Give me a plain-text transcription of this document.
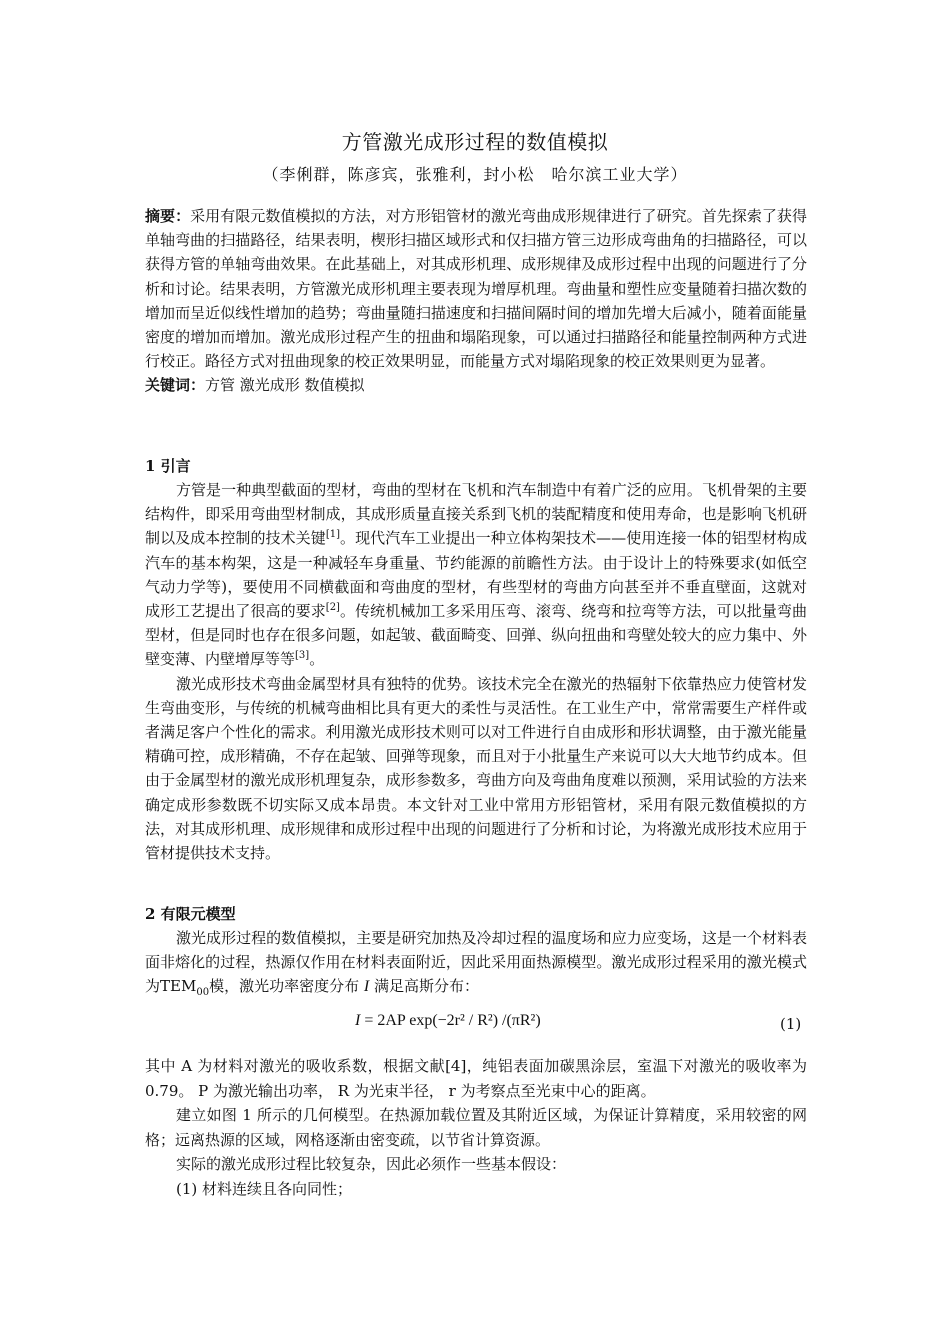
方管激光成形过程的数值模拟
（李俐群，陈彦宾，张雅利，封小松　哈尔滨工业大学）

摘要：采用有限元数值模拟的方法，对方形铝管材的激光弯曲成形规律进行了研究。首先探索了获得单轴弯曲的扫描路径，结果表明，楔形扫描区域形式和仅扫描方管三边形成弯曲角的扫描路径，可以获得方管的单轴弯曲效果。在此基础上，对其成形机理、成形规律及成形过程中出现的问题进行了分析和讨论。结果表明，方管激光成形机理主要表现为增厚机理。弯曲量和塑性应变量随着扫描次数的增加而呈近似线性增加的趋势；弯曲量随扫描速度和扫描间隔时间的增加先增大后减小，随着面能量密度的增加而增加。激光成形过程产生的扭曲和塌陷现象，可以通过扫描路径和能量控制两种方式进行校正。路径方式对扭曲现象的校正效果明显，而能量方式对塌陷现象的校正效果则更为显著。

关键词：方管 激光成形 数值模拟

1 引言

方管是一种典型截面的型材，弯曲的型材在飞机和汽车制造中有着广泛的应用。飞机骨架的主要结构件，即采用弯曲型材制成，其成形质量直接关系到飞机的装配精度和使用寿命，也是影响飞机研制以及成本控制的技术关键[1]。现代汽车工业提出一种立体构架技术——使用连接一体的铝型材构成汽车的基本构架，这是一种减轻车身重量、节约能源的前瞻性方法。由于设计上的特殊要求(如低空气动力学等)，要使用不同横截面和弯曲度的型材，有些型材的弯曲方向甚至并不垂直壁面，这就对成形工艺提出了很高的要求[2]。传统机械加工多采用压弯、滚弯、绕弯和拉弯等方法，可以批量弯曲型材，但是同时也存在很多问题，如起皱、截面畸变、回弹、纵向扭曲和弯壁处较大的应力集中、外壁变薄、内壁增厚等等[3]。

激光成形技术弯曲金属型材具有独特的优势。该技术完全在激光的热辐射下依靠热应力使管材发生弯曲变形，与传统的机械弯曲相比具有更大的柔性与灵活性。在工业生产中，常常需要生产样件或者满足客户个性化的需求。利用激光成形技术则可以对工件进行自由成形和形状调整，由于激光能量精确可控，成形精确，不存在起皱、回弹等现象，而且对于小批量生产来说可以大大地节约成本。但由于金属型材的激光成形机理复杂，成形参数多，弯曲方向及弯曲角度难以预测，采用试验的方法来确定成形参数既不切实际又成本昂贵。本文针对工业中常用方形铝管材，采用有限元数值模拟的方法，对其成形机理、成形规律和成形过程中出现的问题进行了分析和讨论，为将激光成形技术应用于管材提供技术支持。

2 有限元模型

激光成形过程的数值模拟，主要是研究加热及冷却过程的温度场和应力应变场，这是一个材料表面非熔化的过程，热源仅作用在材料表面附近，因此采用面热源模型。激光成形过程采用的激光模式为$TEM_{00}$模，激光功率密度分布 I 满足高斯分布：

I = 2AP exp(−2r² / R²) /(πR²)	(1)

其中 A 为材料对激光的吸收系数，根据文献[4]，纯铝表面加碳黑涂层，室温下对激光的吸收率为 0.79。 P 为激光输出功率， R 为光束半径， r 为考察点至光束中心的距离。

建立如图 1 所示的几何模型。在热源加载位置及其附近区域，为保证计算精度，采用较密的网格；远离热源的区域，网格逐渐由密变疏，以节省计算资源。

实际的激光成形过程比较复杂，因此必须作一些基本假设：

(1) 材料连续且各向同性；
